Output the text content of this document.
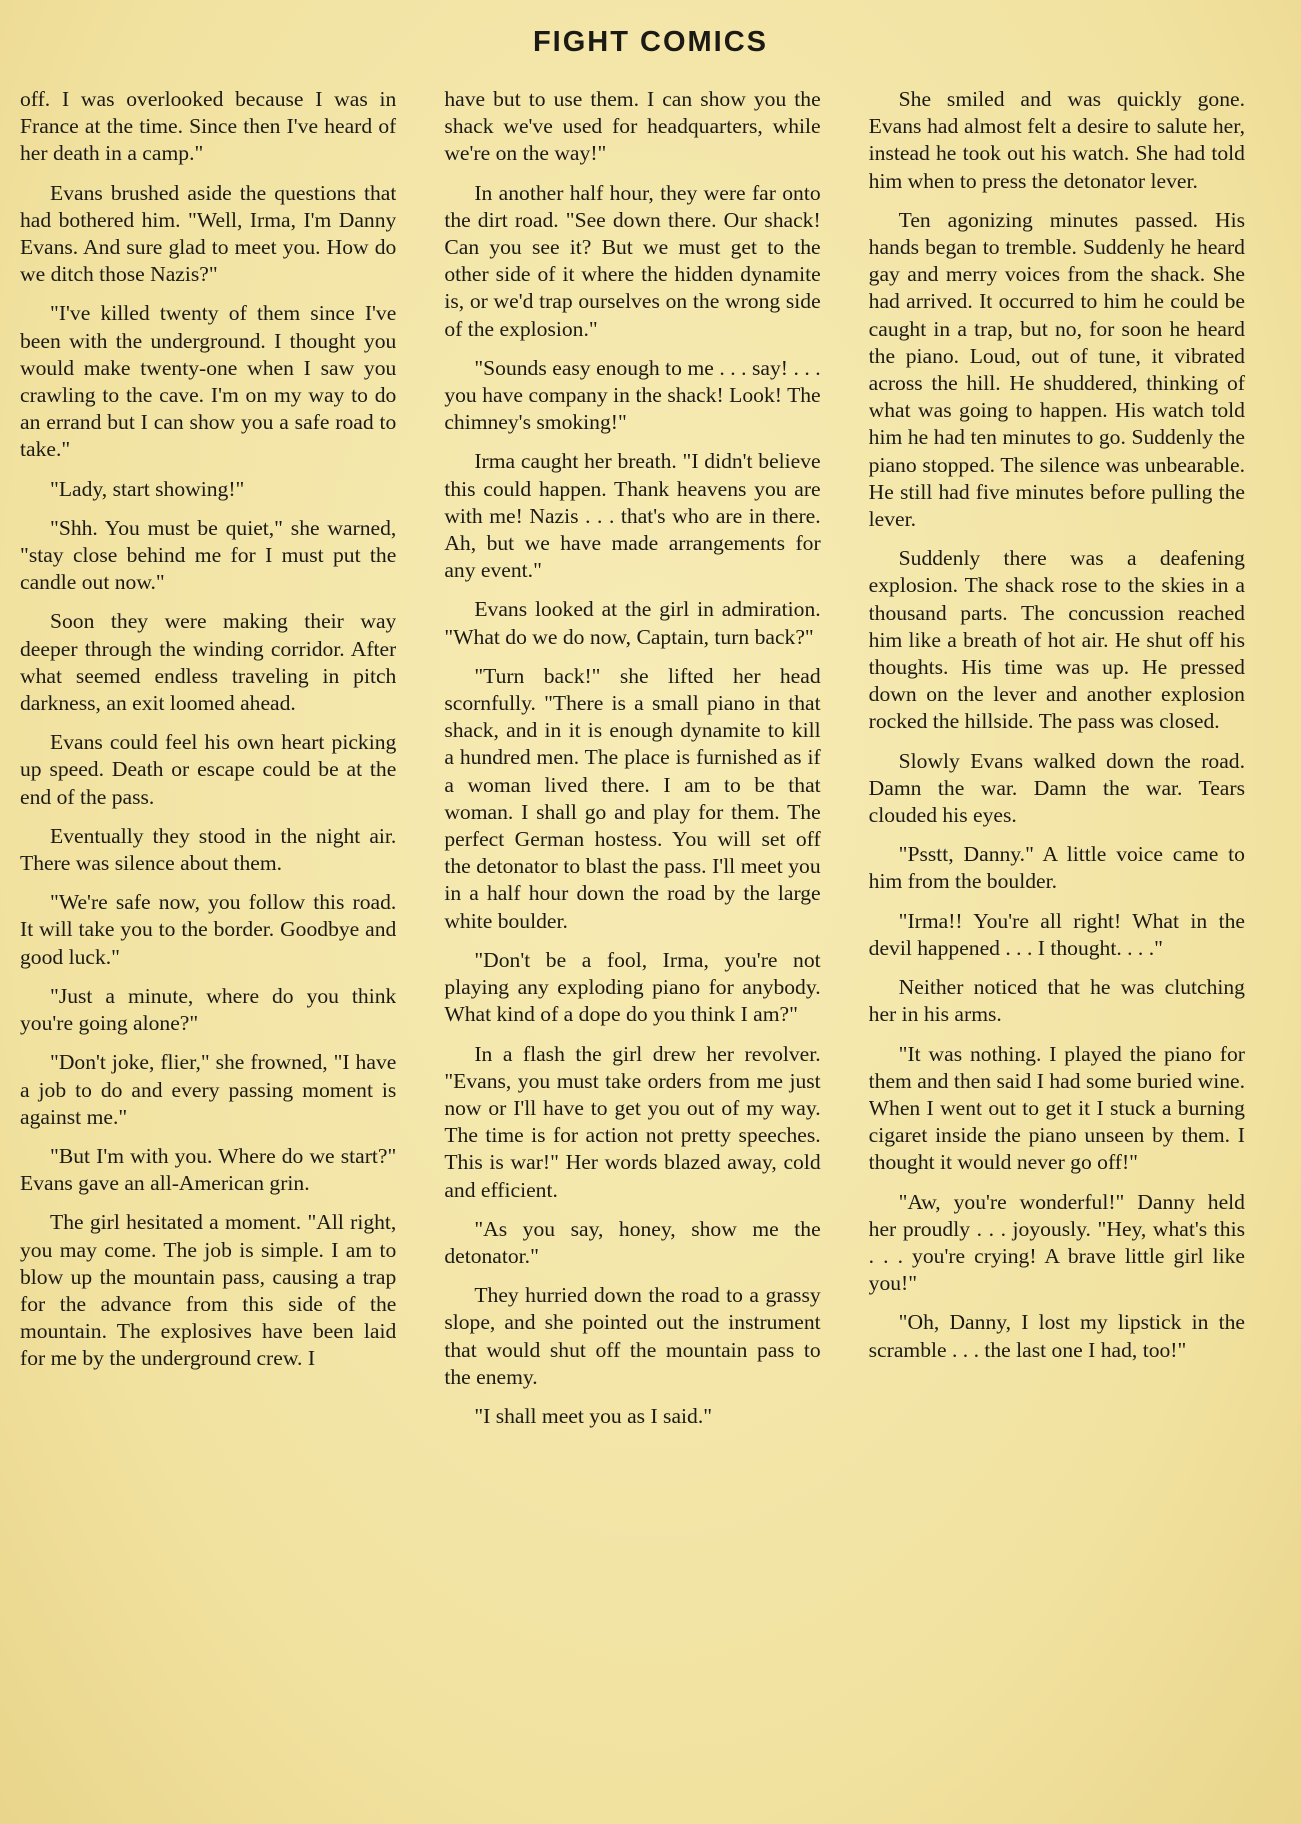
FIGHT COMICS

off. I was overlooked because I was in France at the time. Since then I've heard of her death in a camp."

Evans brushed aside the questions that had bothered him. "Well, Irma, I'm Danny Evans. And sure glad to meet you. How do we ditch those Nazis?"

"I've killed twenty of them since I've been with the underground. I thought you would make twenty-one when I saw you crawling to the cave. I'm on my way to do an errand but I can show you a safe road to take."

"Lady, start showing!"

"Shh. You must be quiet," she warned, "stay close behind me for I must put the candle out now."

Soon they were making their way deeper through the winding corridor. After what seemed endless traveling in pitch darkness, an exit loomed ahead.

Evans could feel his own heart picking up speed. Death or escape could be at the end of the pass.

Eventually they stood in the night air. There was silence about them.

"We're safe now, you follow this road. It will take you to the border. Goodbye and good luck."

"Just a minute, where do you think you're going alone?"

"Don't joke, flier," she frowned, "I have a job to do and every passing moment is against me."

"But I'm with you. Where do we start?" Evans gave an all-American grin.

The girl hesitated a moment. "All right, you may come. The job is simple. I am to blow up the mountain pass, causing a trap for the advance from this side of the mountain. The explosives have been laid for me by the underground crew. I

have but to use them. I can show you the shack we've used for headquarters, while we're on the way!"

In another half hour, they were far onto the dirt road. "See down there. Our shack! Can you see it? But we must get to the other side of it where the hidden dynamite is, or we'd trap ourselves on the wrong side of the explosion."

"Sounds easy enough to me . . . say! . . . you have company in the shack! Look! The chimney's smoking!"

Irma caught her breath. "I didn't believe this could happen. Thank heavens you are with me! Nazis . . . that's who are in there. Ah, but we have made arrangements for any event."

Evans looked at the girl in admiration. "What do we do now, Captain, turn back?"

"Turn back!" she lifted her head scornfully. "There is a small piano in that shack, and in it is enough dynamite to kill a hundred men. The place is furnished as if a woman lived there. I am to be that woman. I shall go and play for them. The perfect German hostess. You will set off the detonator to blast the pass. I'll meet you in a half hour down the road by the large white boulder.

"Don't be a fool, Irma, you're not playing any exploding piano for anybody. What kind of a dope do you think I am?"

In a flash the girl drew her revolver. "Evans, you must take orders from me just now or I'll have to get you out of my way. The time is for action not pretty speeches. This is war!" Her words blazed away, cold and efficient.

"As you say, honey, show me the detonator."

They hurried down the road to a grassy slope, and she pointed out the instrument that would shut off the mountain pass to the enemy.

"I shall meet you as I said."

She smiled and was quickly gone. Evans had almost felt a desire to salute her, instead he took out his watch. She had told him when to press the detonator lever.

Ten agonizing minutes passed. His hands began to tremble. Suddenly he heard gay and merry voices from the shack. She had arrived. It occurred to him he could be caught in a trap, but no, for soon he heard the piano. Loud, out of tune, it vibrated across the hill. He shuddered, thinking of what was going to happen. His watch told him he had ten minutes to go. Suddenly the piano stopped. The silence was unbearable. He still had five minutes before pulling the lever.

Suddenly there was a deafening explosion. The shack rose to the skies in a thousand parts. The concussion reached him like a breath of hot air. He shut off his thoughts. His time was up. He pressed down on the lever and another explosion rocked the hillside. The pass was closed.

Slowly Evans walked down the road. Damn the war. Damn the war. Tears clouded his eyes.

"Psstt, Danny." A little voice came to him from the boulder.

"Irma!! You're all right! What in the devil happened . . . I thought. . . ."

Neither noticed that he was clutching her in his arms.

"It was nothing. I played the piano for them and then said I had some buried wine. When I went out to get it I stuck a burning cigaret inside the piano unseen by them. I thought it would never go off!"

"Aw, you're wonderful!" Danny held her proudly . . . joyously. "Hey, what's this . . . you're crying! A brave little girl like you!"

"Oh, Danny, I lost my lipstick in the scramble . . . the last one I had, too!"
